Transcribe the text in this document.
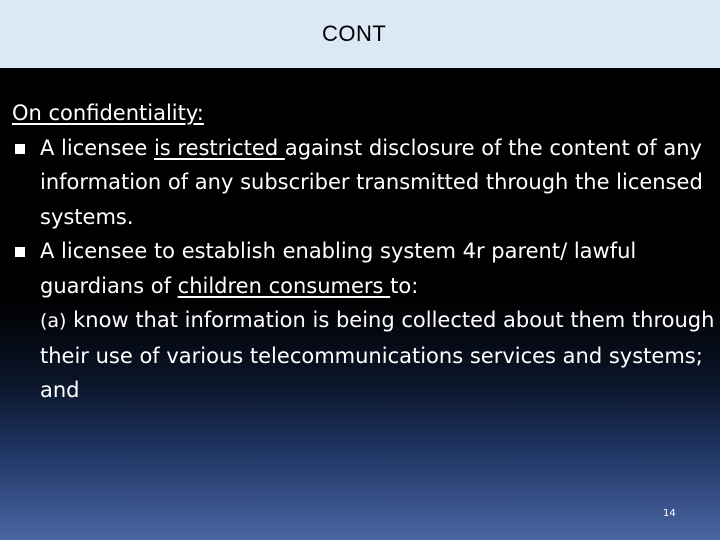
CONT
On confidentiality:
A licensee is restricted against disclosure of the content of any information of any subscriber transmitted through the licensed systems.
A licensee to establish enabling system 4r parent/ lawful guardians of children consumers to:
(a) know that information is being collected about them through their use of various telecommunications services and systems; and
14
